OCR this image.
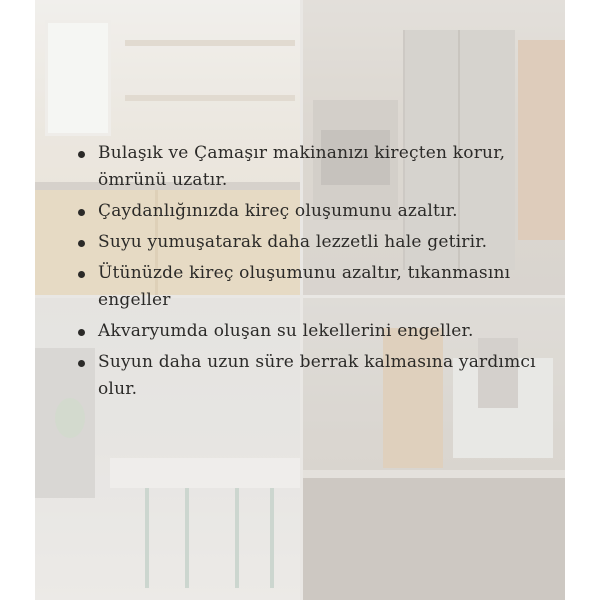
Bulaşık ve Çamaşır makinanızı kireçten korur, ömrünü uzatır.
Çaydanlığınızda kireç oluşumunu azaltır.
Suyu yumuşatarak daha lezzetli hale getirir.
Ütünüzde kireç oluşumunu azaltır, tıkanmasını engeller
Akvaryumda oluşan su lekellerini engeller.
Suyun daha uzun süre berrak kalmasına yardımcı olur.
